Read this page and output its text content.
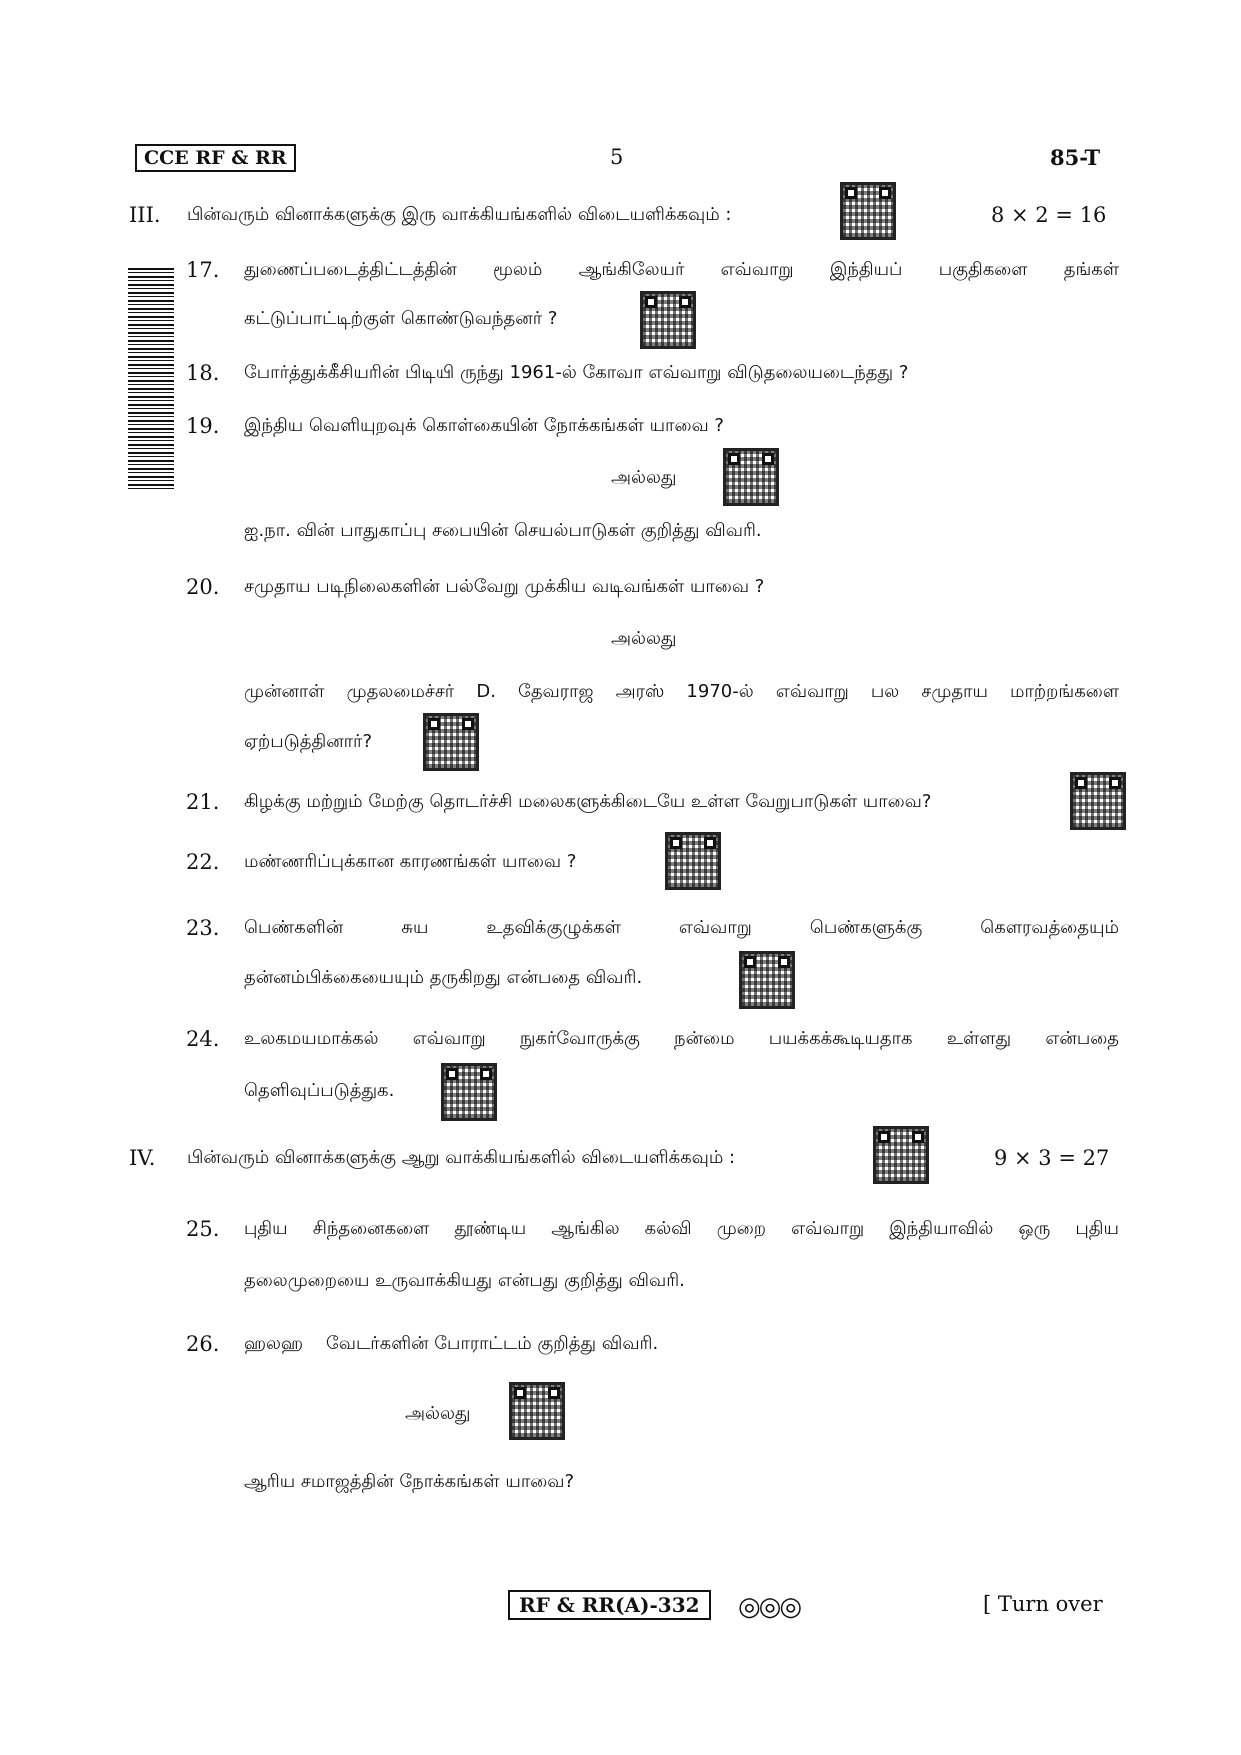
CCE RF & RR	5	85-T
III. பின்வரும் வினாக்களுக்கு இரு வாக்கியங்களில் விடையளிக்கவும் :	8 × 2 = 16
17. துணைப்படைத்திட்டத்தின் மூலம் ஆங்கிலேயர் எவ்வாறு இந்தியப் பகுதிகளை தங்கள்
கட்டுப்பாட்டிற்குள் கொண்டுவந்தனர் ?
18. போர்த்துக்கீசியரின் பிடியி ருந்து 1961-ல் கோவா எவ்வாறு விடுதலையடைந்தது ?
19. இந்திய வெளியுறவுக் கொள்கையின் நோக்கங்கள் யாவை ?
அல்லது
ஐ.நா. வின் பாதுகாப்பு சபையின் செயல்பாடுகள் குறித்து விவரி.
20. சமுதாய படிநிலைகளின் பல்வேறு முக்கிய வடிவங்கள் யாவை ?
அல்லது
முன்னாள் முதலமைச்சர் D. தேவராஜ அரஸ் 1970-ல் எவ்வாறு பல சமுதாய மாற்றங்களை
ஏற்படுத்தினார்?
21. கிழக்கு மற்றும் மேற்கு தொடர்ச்சி மலைகளுக்கிடையே உள்ள வேறுபாடுகள் யாவை?
22. மண்ணரிப்புக்கான காரணங்கள் யாவை ?
23. பெண்களின் சுய உதவிக்குழுக்கள் எவ்வாறு பெண்களுக்கு கௌரவத்தையும்
தன்னம்பிக்கையையும் தருகிறது என்பதை விவரி.
24. உலகமயமாக்கல் எவ்வாறு நுகர்வோருக்கு நன்மை பயக்கக்கூடியதாக உள்ளது என்பதை
தெளிவுப்படுத்துக.
IV. பின்வரும் வினாக்களுக்கு ஆறு வாக்கியங்களில் விடையளிக்கவும் :	9 × 3 = 27
25. புதிய சிந்தனைகளை தூண்டிய ஆங்கில கல்வி முறை எவ்வாறு இந்தியாவில் ஒரு புதிய
தலைமுறையை உருவாக்கியது என்பது குறித்து விவரி.
26. ஹலஹ    வேடர்களின் போராட்டம் குறித்து விவரி.
அல்லது
ஆரிய சமாஜத்தின் நோக்கங்கள் யாவை?
RF & RR(A)-332	◎◎◎	[ Turn over
